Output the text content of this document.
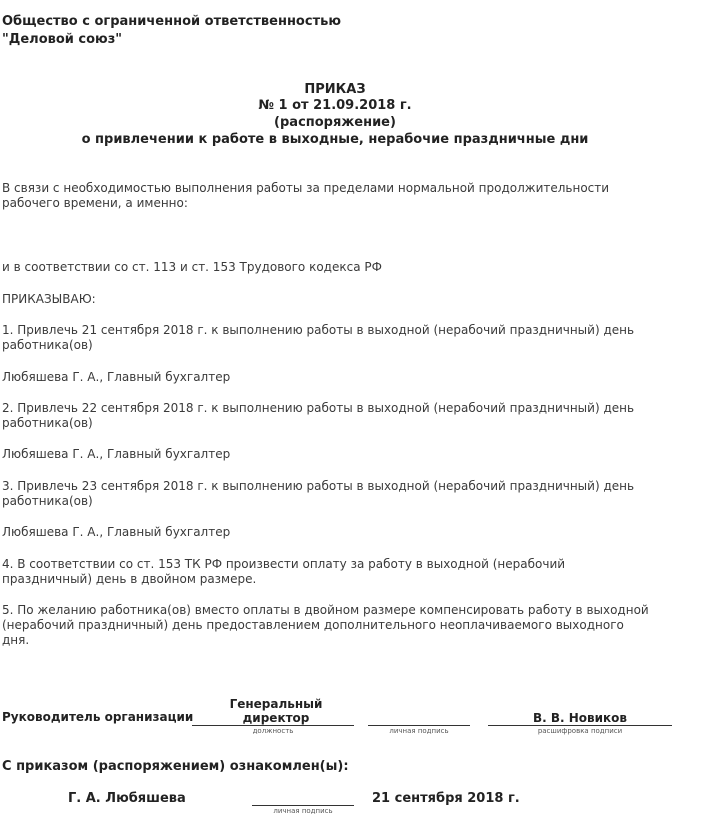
Общество с ограниченной ответственностью
"Деловой союз"
ПРИКАЗ
№ 1 от 21.09.2018 г.
(распоряжение)
о привлечении к работе в выходные, нерабочие праздничные дни
В связи с необходимостью выполнения работы за пределами нормальной продолжительности
рабочего времени, а именно:
и в соответствии со ст. 113 и ст. 153 Трудового кодекса РФ
ПРИКАЗЫВАЮ:
1. Привлечь 21 сентября 2018 г. к выполнению работы в выходной (нерабочий праздничный) день
работника(ов)
Любяшева Г. А., Главный бухгалтер
2. Привлечь 22 сентября 2018 г. к выполнению работы в выходной (нерабочий праздничный) день
работника(ов)
Любяшева Г. А., Главный бухгалтер
3. Привлечь 23 сентября 2018 г. к выполнению работы в выходной (нерабочий праздничный) день
работника(ов)
Любяшева Г. А., Главный бухгалтер
4. В соответствии со ст. 153 ТК РФ произвести оплату за работу в выходной (нерабочий
праздничный) день в двойном размере.
5. По желанию работника(ов) вместо оплаты в двойном размере компенсировать работу в выходной
(нерабочий праздничный) день предоставлением дополнительного неоплачиваемого выходного
дня.
Руководитель организации
Генеральный
директор
должность	личная подпись
В. В. Новиков
расшифровка подписи
С приказом (распоряжением) ознакомлен(ы):
Г. А. Любяшева
личная подпись
21 сентября 2018 г.
